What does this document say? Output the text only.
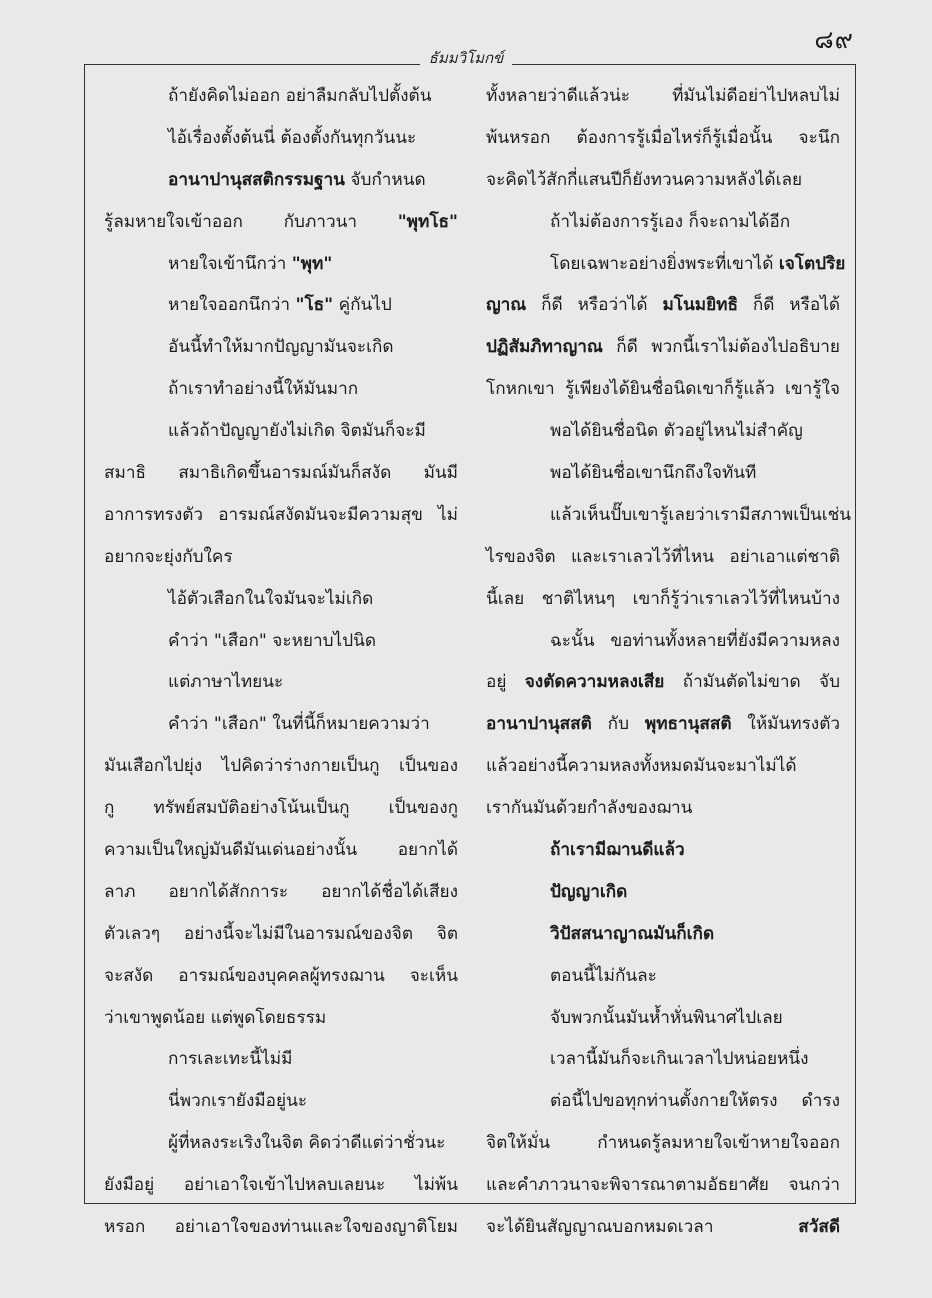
๘๙
ธัมมวิโมกข์
ถ้ายังคิดไม่ออก อย่าลืมกลับไปตั้งต้น
ไอ้เรื่องตั้งต้นนี่ ต้องตั้งกันทุกวันนะ
อานาปานุสสติกรรมฐาน จับกำหนด
รู้ลมหายใจเข้าออก กับภาวนา "พุทโธ"
หายใจเข้านึกว่า "พุท"
หายใจออกนึกว่า "โธ" คู่กันไป
อันนี้ทำให้มากปัญญามันจะเกิด
ถ้าเราทำอย่างนี้ให้มันมาก
แล้วถ้าปัญญายังไม่เกิด จิตมันก็จะมี
สมาธิ สมาธิเกิดขึ้นอารมณ์มันก็สงัด มันมี
อาการทรงตัว อารมณ์สงัดมันจะมีความสุข ไม่
อยากจะยุ่งกับใคร
ไอ้ตัวเสือกในใจมันจะไม่เกิด
คำว่า "เสือก" จะหยาบไปนิด
แต่ภาษาไทยนะ
คำว่า "เสือก" ในที่นี้ก็หมายความว่า
มันเสือกไปยุ่ง ไปคิดว่าร่างกายเป็นกู เป็นของ
กู ทรัพย์สมบัติอย่างโน้นเป็นกู เป็นของกู
ความเป็นใหญ่มันดีมันเด่นอย่างนั้น อยากได้
ลาภ อยากได้สักการะ อยากได้ชื่อได้เสียง
ตัวเลวๆ อย่างนี้จะไม่มีในอารมณ์ของจิต จิต
จะสงัด อารมณ์ของบุคคลผู้ทรงฌาน จะเห็น
ว่าเขาพูดน้อย แต่พูดโดยธรรม
การเละเทะนี้ไม่มี
นี่พวกเรายังมือยู่นะ
ผู้ที่หลงระเริงในจิต คิดว่าดีแต่ว่าชั่วนะ
ยังมือยู่ อย่าเอาใจเข้าไปหลบเลยนะ ไม่พ้น
หรอก อย่าเอาใจของท่านและใจของญาติโยม
ทั้งหลายว่าดีแล้วน่ะ ที่มันไม่ดีอย่าไปหลบไม่
พ้นหรอก ต้องการรู้เมื่อไหร่ก็รู้เมื่อนั้น จะนึก
จะคิดไว้สักกี่แสนปีก็ยังทวนความหลังได้เลย
ถ้าไม่ต้องการรู้เอง ก็จะถามได้อีก
โดยเฉพาะอย่างยิ่งพระที่เขาได้ เจโตปริย
ญาณ ก็ดี หรือว่าได้ มโนมยิทธิ ก็ดี หรือได้
ปฏิสัมภิทาญาณ ก็ดี พวกนี้เราไม่ต้องไปอธิบาย
โกหกเขา รู้เพียงได้ยินชื่อนิดเขาก็รู้แล้ว เขารู้ใจ
พอได้ยินชื่อนิด ตัวอยู่ไหนไม่สำคัญ
พอได้ยินชื่อเขานึกถึงใจทันที
แล้วเห็นปั๊บเขารู้เลยว่าเรามีสภาพเป็นเช่น
ไรของจิต และเราเลวไว้ที่ไหน อย่าเอาแต่ชาติ
นี้เลย ชาติไหนๆ เขาก็รู้ว่าเราเลวไว้ที่ไหนบ้าง
ฉะนั้น ขอท่านทั้งหลายที่ยังมีความหลง
อยู่ จงตัดความหลงเสีย ถ้ามันตัดไม่ขาด จับ
อานาปานุสสติ กับ พุทธานุสสติ ให้มันทรงตัว
แล้วอย่างนี้ความหลงทั้งหมดมันจะมาไม่ได้
เรากันมันด้วยกำลังของฌาน
ถ้าเรามีฌานดีแล้ว
ปัญญาเกิด
วิปัสสนาญาณมันก็เกิด
ตอนนี้ไม่กันละ
จับพวกนั้นมันห้ำหั่นพินาศไปเลย
เวลานี้มันก็จะเกินเวลาไปหน่อยหนึ่ง
ต่อนี้ไปขอทุกท่านตั้งกายให้ตรง ดำรง
จิตให้มั่น กำหนดรู้ลมหายใจเข้าหายใจออก
และคำภาวนาจะพิจารณาตามอัธยาศัย จนกว่า
จะได้ยินสัญญาณบอกหมดเวลา สวัสดี
